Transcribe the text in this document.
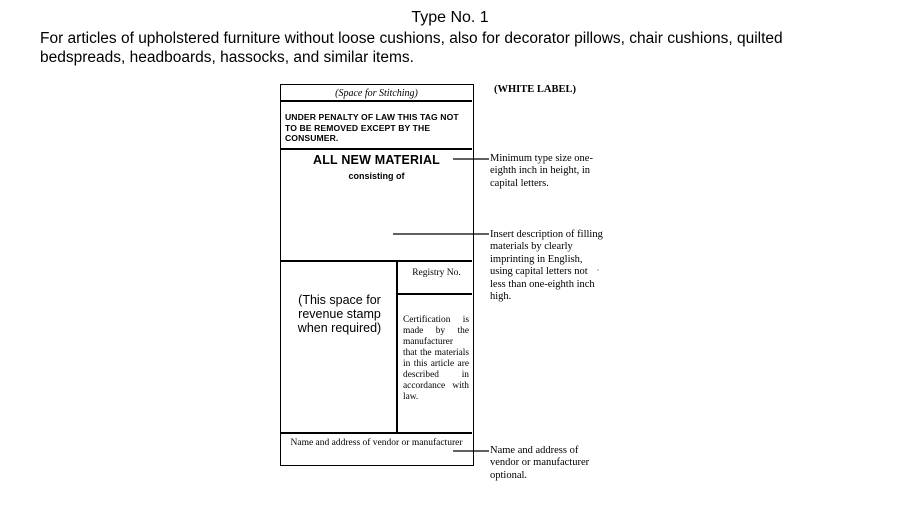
Type No. 1
For articles of upholstered furniture without loose cushions, also for decorator pillows, chair cushions, quilted bedspreads, headboards, hassocks, and similar items.
(Space for Stitching)
UNDER PENALTY OF LAW THIS TAG NOT TO BE REMOVED EXCEPT BY THE CONSUMER.
ALL NEW MATERIAL
consisting of
(This space for revenue stamp when required)
Registry No.
Certification is made by the manufacturer that the materials in this article are described in accordance with law.
Name and address of vendor or manufacturer
(WHITE LABEL)
Minimum type size one-eighth inch in height, in capital letters.
Insert description of filling materials by clearly imprinting in English, using capital letters not less than one-eighth inch high.
Name and address of vendor or manufacturer optional.
